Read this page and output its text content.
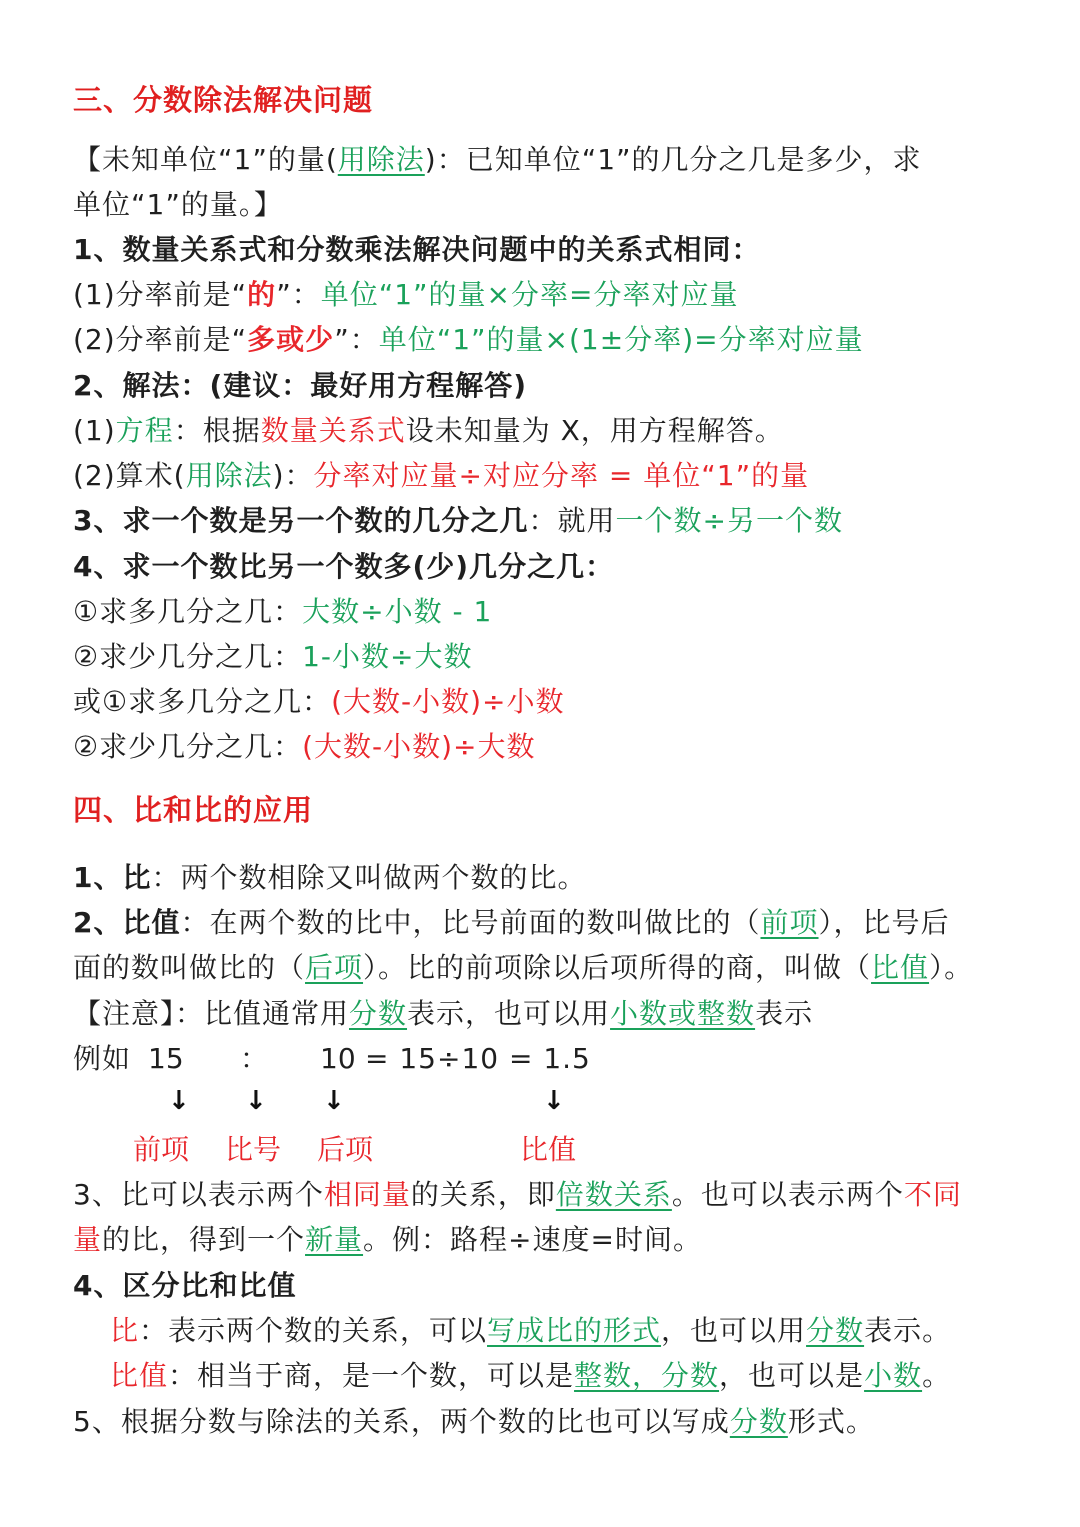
三、分数除法解决问题
【未知单位“1”的量(用除法)：已知单位“1”的几分之几是多少，求
单位“1”的量。】
1、数量关系式和分数乘法解决问题中的关系式相同：
(1)分率前是“的”：单位“1”的量×分率=分率对应量
(2)分率前是“多或少”：单位“1”的量×(1±分率)=分率对应量
2、解法：(建议：最好用方程解答)
(1)方程：根据数量关系式设未知量为 X，用方程解答。
(2)算术(用除法)：分率对应量÷对应分率 = 单位“1”的量
3、求一个数是另一个数的几分之几：就用一个数÷另一个数
4、求一个数比另一个数多(少)几分之几：
①求多几分之几：大数÷小数 - 1
②求少几分之几：1-小数÷大数
或①求多几分之几：(大数-小数)÷小数
②求少几分之几：(大数-小数)÷大数
四、比和比的应用
1、比：两个数相除又叫做两个数的比。
2、比值：在两个数的比中，比号前面的数叫做比的（前项），比号后
面的数叫做比的（后项）。比的前项除以后项所得的商，叫做（比值）。
【注意】：比值通常用分数表示，也可以用小数或整数表示
例如 15 ： 10 = 15÷10 = 1.5
↓ ↓ ↓	↓
前项 比号 后项	比值
3、比可以表示两个相同量的关系，即倍数关系。也可以表示两个不同
量的比，得到一个新量。例：路程÷速度=时间。
4、区分比和比值
比：表示两个数的关系，可以写成比的形式，也可以用分数表示。
比值：相当于商，是一个数，可以是整数，分数，也可以是小数。
5、根据分数与除法的关系，两个数的比也可以写成分数形式。
